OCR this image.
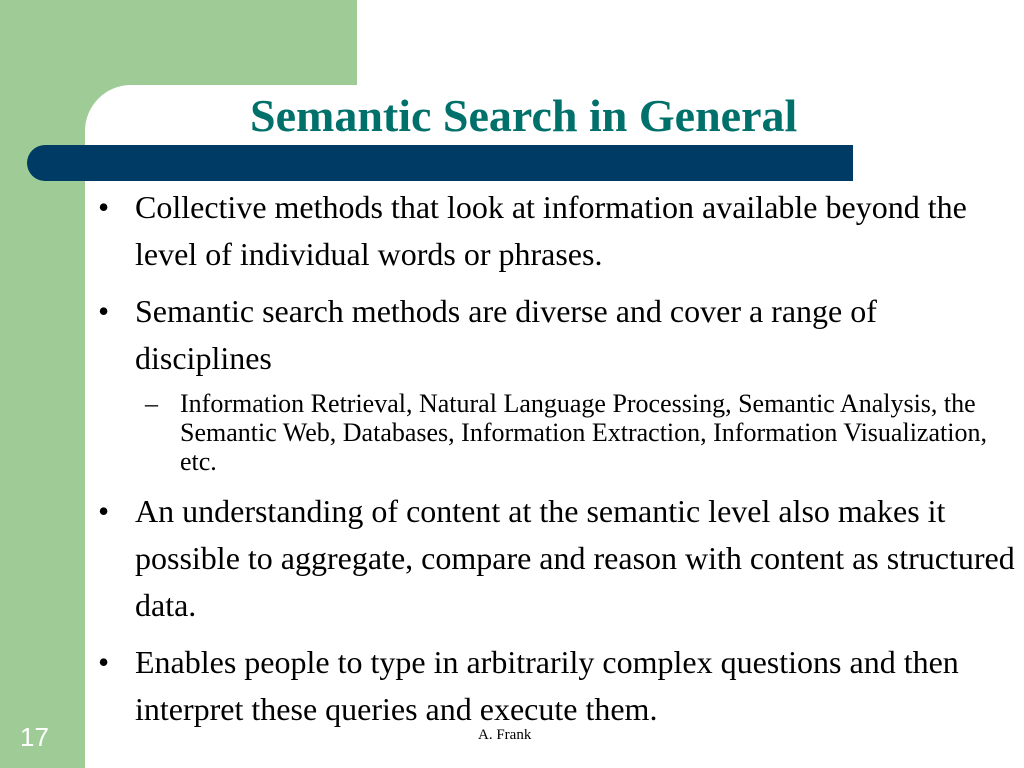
Semantic Search in General
• Collective methods that look at information available beyond the level of individual words or phrases.
• Semantic search methods are diverse and cover a range of disciplines
– Information Retrieval, Natural Language Processing, Semantic Analysis, the Semantic Web, Databases, Information Extraction, Information Visualization, etc.
• An understanding of content at the semantic level also makes it possible to aggregate, compare and reason with content as structured data.
• Enables people to type in arbitrarily complex questions and then interpret these queries and execute them.
17	A. Frank
